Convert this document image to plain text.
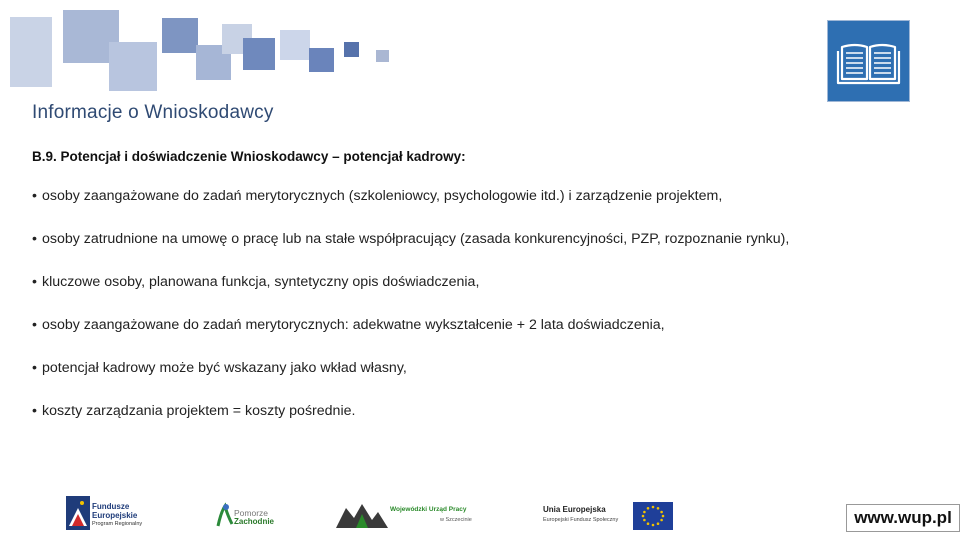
Informacje o Wnioskodawcy
B.9. Potencjał i doświadczenie Wnioskodawcy – potencjał kadrowy:
• osoby zaangażowane do zadań merytorycznych (szkoleniowcy, psychologowie itd.) i zarządzenie projektem,
• osoby zatrudnione na umowę o pracę lub na stałe współpracujący (zasada konkurencyjności, PZP, rozpoznanie rynku),
• kluczowe osoby, planowana funkcja, syntetyczny opis doświadczenia,
• osoby zaangażowane do zadań merytorycznych: adekwatne wykształcenie + 2 lata doświadczenia,
• potencjał kadrowy może być wskazany jako wkład własny,
• koszty zarządzania projektem = koszty pośrednie.
Fundusze
Europejskie
Program Regionalny
Pomorze
Zachodnie
Wojewódzki Urząd Pracy
w Szczecinie
Unia Europejska
Europejski Fundusz Społeczny	www.wup.pl
